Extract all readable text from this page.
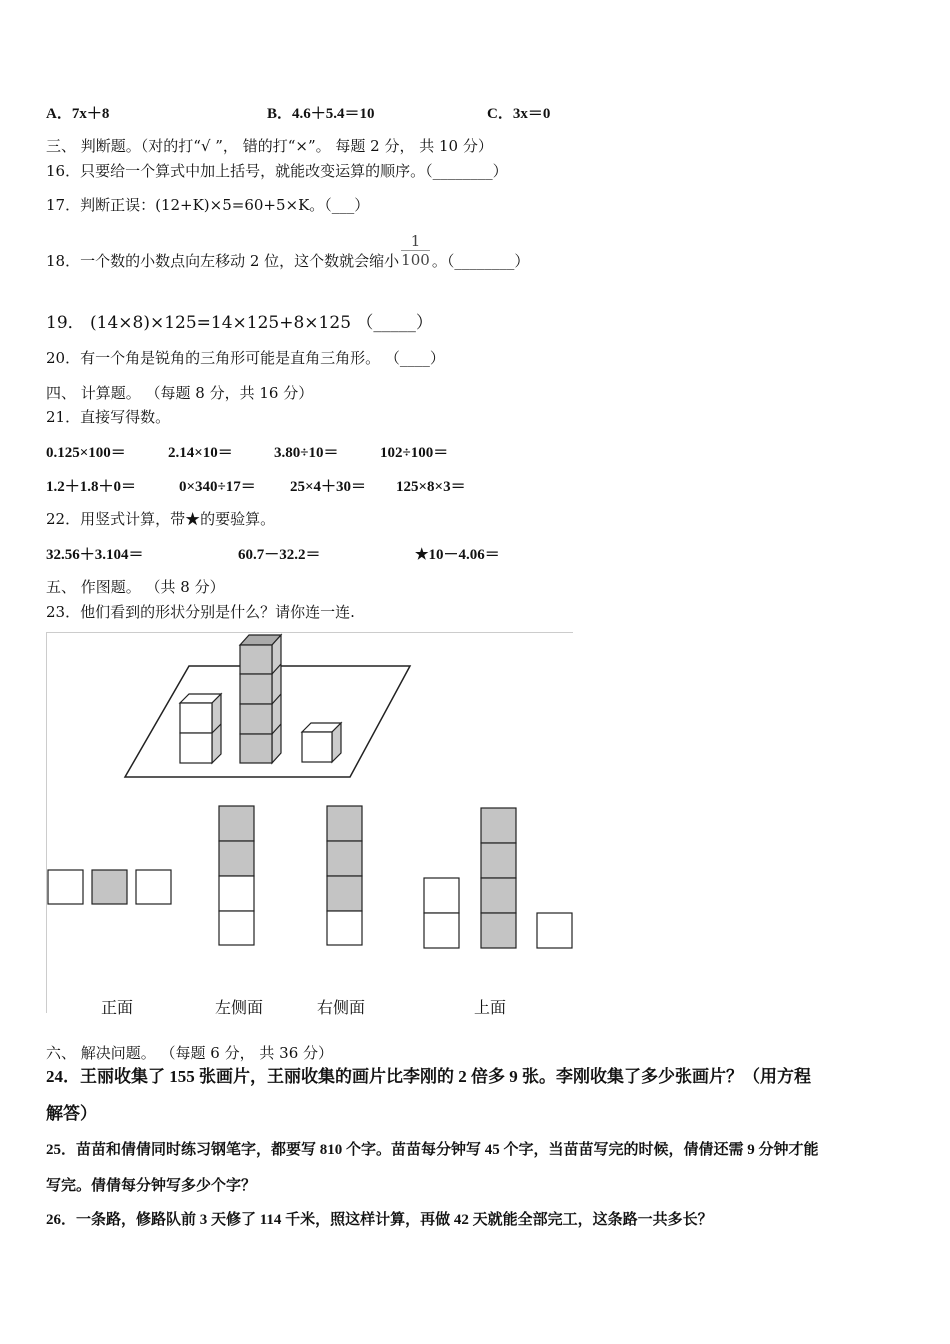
A．7x＋8	B．4.6＋5.4＝10	C．3x＝0
三、 判断题。（对的打“√ ”， 错的打“×”。 每题 2 分， 共 10 分）
16．只要给一个算式中加上括号，就能改变运算的顺序。（________）
17．判断正误：(12+K)×5=60+5×K。（___）
18．一个数的小数点向左移动 2 位，这个数就会缩小 $\frac{1}{100}$ 。（________）
19． (14×8)×125=14×125+8×125 （_____）
20．有一个角是锐角的三角形可能是直角三角形。 （____）
四、 计算题。 （每题 8 分，共 16 分）
21．直接写得数。
0.125×100＝	2.14×10＝	3.80÷10＝	102÷100＝
1.2＋1.8＋0＝	0×340÷17＝ 25×4＋30＝ 125×8×3＝
22．用竖式计算，带★的要验算。
32.56＋3.104＝	60.7－32.2＝	★10－4.06＝
五、 作图题。 （共 8 分）
23．他们看到的形状分别是什么？请你连一连.
正面	左侧面	右侧面	上面
六、 解决问题。 （每题 6 分， 共 36 分）
24．王丽收集了 155 张画片，王丽收集的画片比李刚的 2 倍多 9 张。李刚收集了多少张画片？（用方程
解答）
25．苗苗和倩倩同时练习钢笔字，都要写 810 个字。苗苗每分钟写 45 个字，当苗苗写完的时候，倩倩还需 9 分钟才能
写完。倩倩每分钟写多少个字？
26．一条路，修路队前 3 天修了 114 千米，照这样计算，再做 42 天就能全部完工，这条路一共多长？
